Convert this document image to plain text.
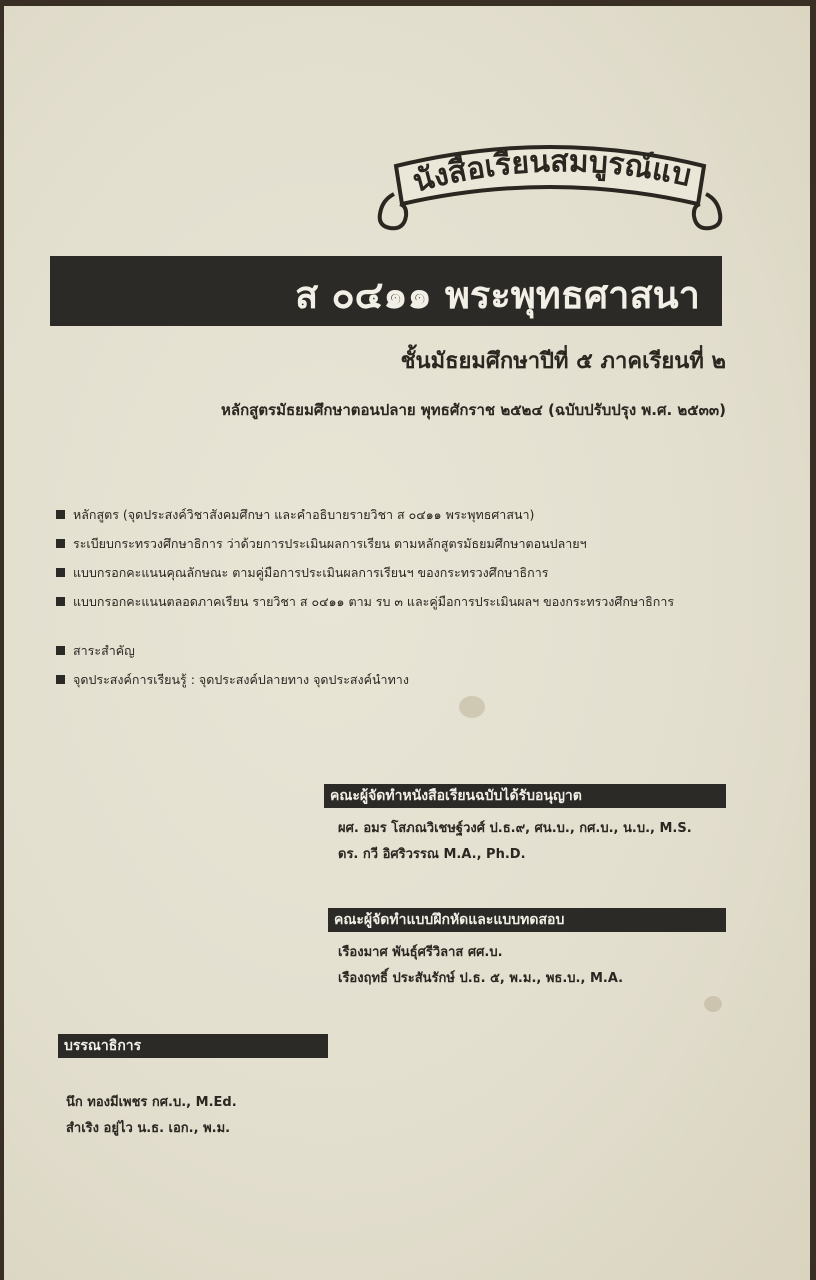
นังสือเรียนสมบูรณ์แบ
ส ๐๔๑๑ พระพุทธศาสนา
ชั้นมัธยมศึกษาปีที่ ๕ ภาคเรียนที่ ๒
หลักสูตรมัธยมศึกษาตอนปลาย พุทธศักราช ๒๕๒๔ (ฉบับปรับปรุง พ.ศ. ๒๕๓๓)
หลักสูตร (จุดประสงค์วิชาสังคมศึกษา และคำอธิบายรายวิชา ส ๐๔๑๑ พระพุทธศาสนา)
ระเบียบกระทรวงศึกษาธิการ ว่าด้วยการประเมินผลการเรียน ตามหลักสูตรมัธยมศึกษาตอนปลายฯ
แบบกรอกคะแนนคุณลักษณะ ตามคู่มือการประเมินผลการเรียนฯ ของกระทรวงศึกษาธิการ
แบบกรอกคะแนนตลอดภาคเรียน รายวิชา ส ๐๔๑๑ ตาม รบ ๓ และคู่มือการประเมินผลฯ ของกระทรวงศึกษาธิการ
สาระสำคัญ
จุดประสงค์การเรียนรู้ : จุดประสงค์ปลายทาง จุดประสงค์นำทาง
คณะผู้จัดทำหนังสือเรียนฉบับได้รับอนุญาต
ผศ. อมร โสภณวิเชษฐ์วงศ์ ป.ธ.๙, ศน.บ., กศ.บ., น.บ., M.S.
ดร. กวี อิศริวรรณ M.A., Ph.D.
คณะผู้จัดทำแบบฝึกหัดและแบบทดสอบ
เรืองมาศ พันธุ์ศรีวิลาส ศศ.บ.
เรืองฤทธิ์ ประสันรักษ์ ป.ธ. ๕, พ.ม., พธ.บ., M.A.
บรรณาธิการ
นึก ทองมีเพชร กศ.บ., M.Ed.
สำเริง อยู่ไว น.ธ. เอก., พ.ม.
